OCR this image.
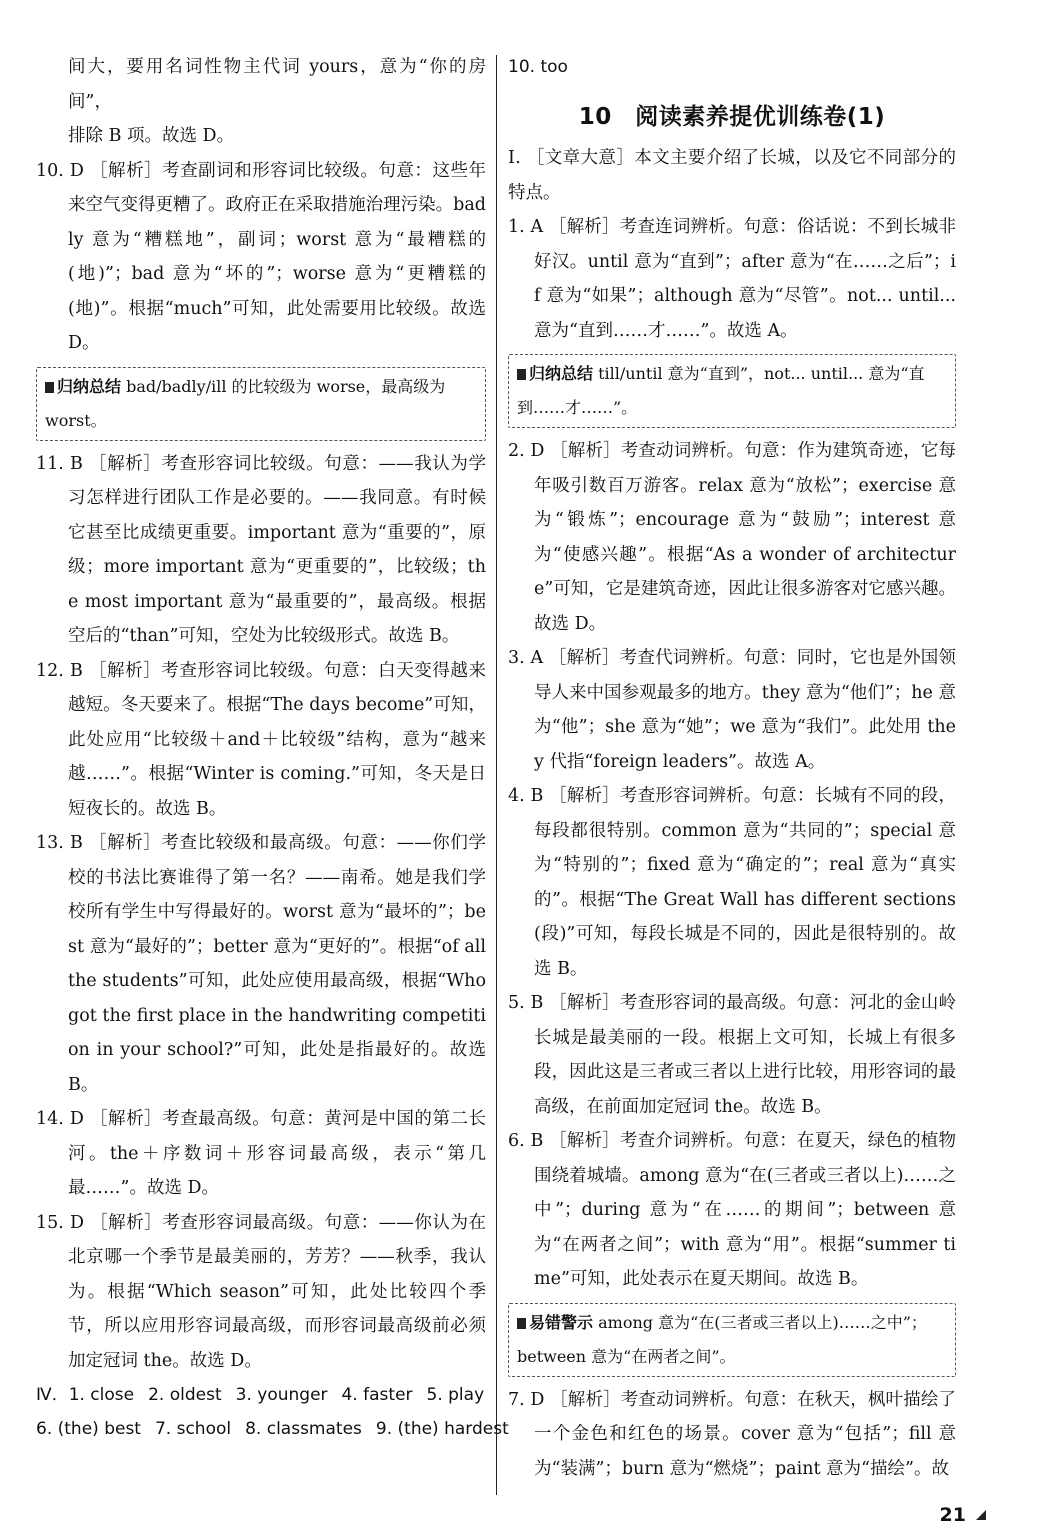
间大，要用名词性物主代词 yours，意为“你的房间”，

排除 B 项。故选 D。

10. D ［解析］考查副词和形容词比较级。句意：这些年来空气变得更糟了。政府正在采取措施治理污染。badly 意为“糟糕地”，副词；worst 意为“最糟糕的(地)”；bad 意为“坏的”；worse 意为“更糟糕的(地)”。根据“much”可知，此处需要用比较级。故选 D。

归纳总结 bad/badly/ill 的比较级为 worse，最高级为 worst。

11. B ［解析］考查形容词比较级。句意：——我认为学习怎样进行团队工作是必要的。——我同意。有时候它甚至比成绩更重要。important 意为“重要的”，原级；more important 意为“更重要的”，比较级；the most important 意为“最重要的”，最高级。根据空后的“than”可知，空处为比较级形式。故选 B。

12. B ［解析］考查形容词比较级。句意：白天变得越来越短。冬天要来了。根据“The days become”可知，此处应用“比较级＋and＋比较级”结构，意为“越来越……”。根据“Winter is coming.”可知，冬天是日短夜长的。故选 B。

13. B ［解析］考查比较级和最高级。句意：——你们学校的书法比赛谁得了第一名？——南希。她是我们学校所有学生中写得最好的。worst 意为“最坏的”；best 意为“最好的”；better 意为“更好的”。根据“of all the students”可知，此处应使用最高级，根据“Who got the first place in the handwriting competition in your school?”可知，此处是指最好的。故选 B。

14. D ［解析］考查最高级。句意：黄河是中国的第二长河。the＋序数词＋形容词最高级，表示“第几最……”。故选 D。

15. D ［解析］考查形容词最高级。句意：——你认为在北京哪一个季节是最美丽的，芳芳？——秋季，我认为。根据“Which season”可知，此处比较四个季节，所以应用形容词最高级，而形容词最高级前必须加定冠词 the。故选 D。

Ⅳ．1. close 2. oldest 3. younger 4. faster 5. play

6. (the) best 7. school 8. classmates 9. (the) hardest

10. too

10　阅读素养提优训练卷(1)

Ⅰ. ［文章大意］本文主要介绍了长城，以及它不同部分的特点。

1. A ［解析］考查连词辨析。句意：俗话说：不到长城非好汉。until 意为“直到”；after 意为“在……之后”；if 意为“如果”；although 意为“尽管”。not... until... 意为“直到……才……”。故选 A。

归纳总结 till/until 意为“直到”，not... until... 意为“直到……才……”。

2. D ［解析］考查动词辨析。句意：作为建筑奇迹，它每年吸引数百万游客。relax 意为“放松”；exercise 意为“锻炼”；encourage 意为“鼓励”；interest 意为“使感兴趣”。根据“As a wonder of architecture”可知，它是建筑奇迹，因此让很多游客对它感兴趣。故选 D。

3. A ［解析］考查代词辨析。句意：同时，它也是外国领导人来中国参观最多的地方。they 意为“他们”；he 意为“他”；she 意为“她”；we 意为“我们”。此处用 they 代指“foreign leaders”。故选 A。

4. B ［解析］考查形容词辨析。句意：长城有不同的段，每段都很特别。common 意为“共同的”；special 意为“特别的”；fixed 意为“确定的”；real 意为“真实的”。根据“The Great Wall has different sections (段)”可知，每段长城是不同的，因此是很特别的。故选 B。

5. B ［解析］考查形容词的最高级。句意：河北的金山岭长城是最美丽的一段。根据上文可知，长城上有很多段，因此这是三者或三者以上进行比较，用形容词的最高级，在前面加定冠词 the。故选 B。

6. B ［解析］考查介词辨析。句意：在夏天，绿色的植物围绕着城墙。among 意为“在(三者或三者以上)……之中”；during 意为“在……的期间”；between 意为“在两者之间”；with 意为“用”。根据“summer time”可知，此处表示在夏天期间。故选 B。

易错警示 among 意为“在(三者或三者以上)……之中”；between 意为“在两者之间”。

7. D ［解析］考查动词辨析。句意：在秋天，枫叶描绘了一个金色和红色的场景。cover 意为“包括”；fill 意为“装满”；burn 意为“燃烧”；paint 意为“描绘”。故

21
